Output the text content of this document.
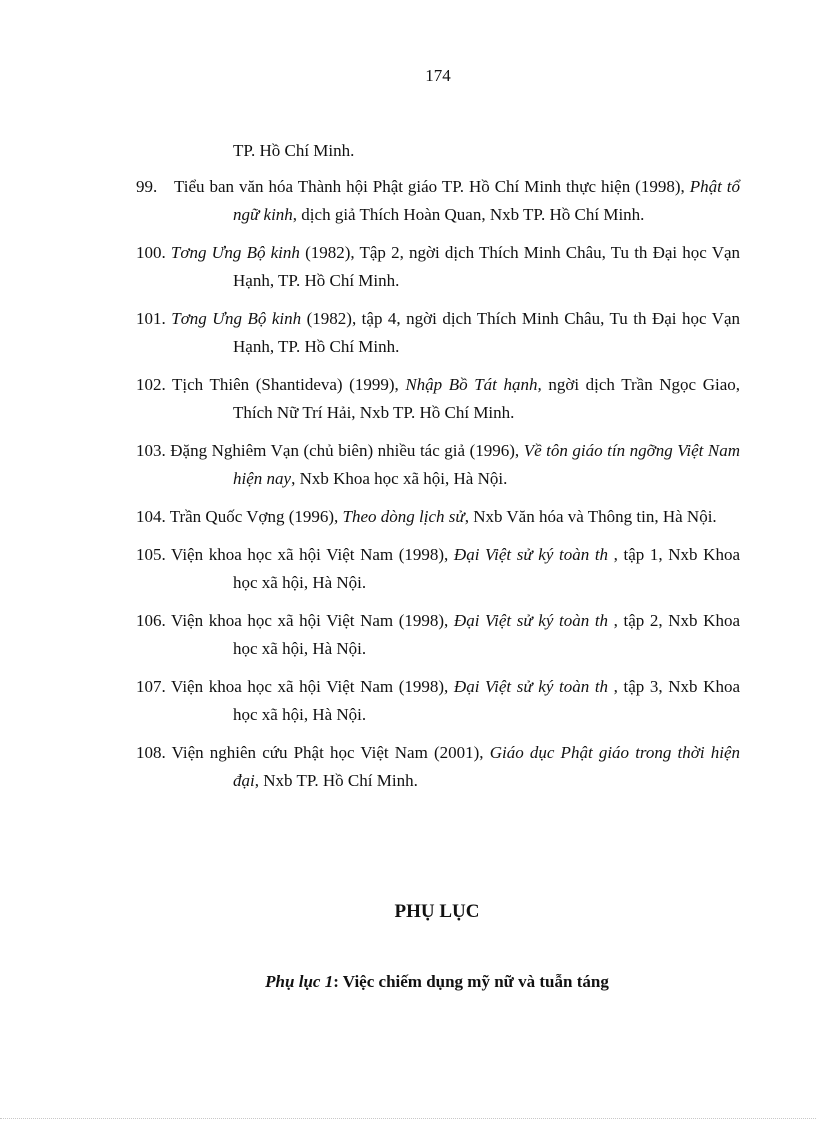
174
TP. Hồ Chí Minh.
99. Tiểu ban văn hóa Thành hội Phật giáo TP. Hồ Chí Minh thực hiện (1998), Phật tổ ngữ kinh, dịch giả Thích Hoàn Quan, Nxb TP. Hồ Chí Minh.
100. Tơng Ưng Bộ kinh (1982), Tập 2, ngời dịch Thích Minh Châu, Tu th Đại học Vạn Hạnh, TP. Hồ Chí Minh.
101. Tơng Ưng Bộ kinh (1982), tập 4, ngời dịch Thích Minh Châu, Tu th Đại học Vạn Hạnh, TP. Hồ Chí Minh.
102. Tịch Thiên (Shantideva) (1999), Nhập Bồ Tát hạnh, ngời dịch Trần Ngọc Giao, Thích Nữ Trí Hải, Nxb TP. Hồ Chí Minh.
103. Đặng Nghiêm Vạn (chủ biên) nhiều tác giả (1996), Về tôn giáo tín ngỡng Việt Nam hiện nay, Nxb Khoa học xã hội, Hà Nội.
104. Trần Quốc Vợng (1996), Theo dòng lịch sử, Nxb Văn hóa và Thông tin, Hà Nội.
105. Viện khoa học xã hội Việt Nam (1998), Đại Việt sử ký toàn th , tập 1, Nxb Khoa học xã hội, Hà Nội.
106. Viện khoa học xã hội Việt Nam (1998), Đại Việt sử ký toàn th , tập 2, Nxb Khoa học xã hội, Hà Nội.
107. Viện khoa học xã hội Việt Nam (1998), Đại Việt sử ký toàn th , tập 3, Nxb Khoa học xã hội, Hà Nội.
108. Viện nghiên cứu Phật học Việt Nam (2001), Giáo dục Phật giáo trong thời hiện đại, Nxb TP. Hồ Chí Minh.
PHỤ LỤC
Phụ lục 1: Việc chiếm dụng mỹ nữ và tuẫn táng
